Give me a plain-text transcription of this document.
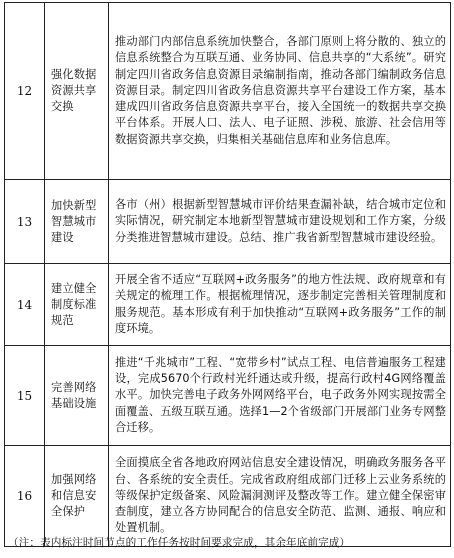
12	强化数据资源共享交换	推动部门内部信息系统加快整合，各部门原则上将分散的、独立的信息系统整合为互联互通、业务协同、信息共享的“大系统”。研究制定四川省政务信息资源目录编制指南，推动各部门编制政务信息资源目录。制定四川省政务信息资源共享平台建设工作方案，基本建成四川省政务信息资源共享平台，接入全国统一的数据共享交换平台体系。开展人口、法人、电子证照、涉税、旅游、社会信用等数据资源共享交换，归集相关基础信息库和业务信息库。
13	加快新型智慧城市建设	各市（州）根据新型智慧城市评价结果查漏补缺，结合城市定位和实际情况，研究制定本地新型智慧城市建设规划和工作方案，分级分类推进智慧城市建设。总结、推广我省新型智慧城市建设经验。
14	建立健全制度标准规范	开展全省不适应“互联网+政务服务”的地方性法规、政府规章和有关规定的梳理工作。根据梳理情况，逐步制定完善相关管理制度和服务规范。基本形成有利于加快推动“互联网+政务服务”工作的制度环境。
15	完善网络基础设施	推进“千兆城市”工程、“宽带乡村”试点工程、电信普遍服务工程建设，完成5670个行政村光纤通达或升级，提高行政村4G网络覆盖水平。加快完善电子政务外网网络平台，电子政务外网实现按需全面覆盖、五级互联互通。选择1—2个省级部门开展部门业务专网整合迁移。
16	加强网络和信息安全保护	全面摸底全省各地政府网站信息安全建设情况，明确政务服务各平台、各系统的安全责任。完成省政府组成部门迁移上云业务系统的等级保护定级备案、风险漏洞测评及整改等工作。建立健全保密审查制度，建立各方协同配合的信息安全防范、监测、通报、响应和处置机制。
（注：表内标注时间节点的工作任务按时间要求完成，其余年底前完成）
